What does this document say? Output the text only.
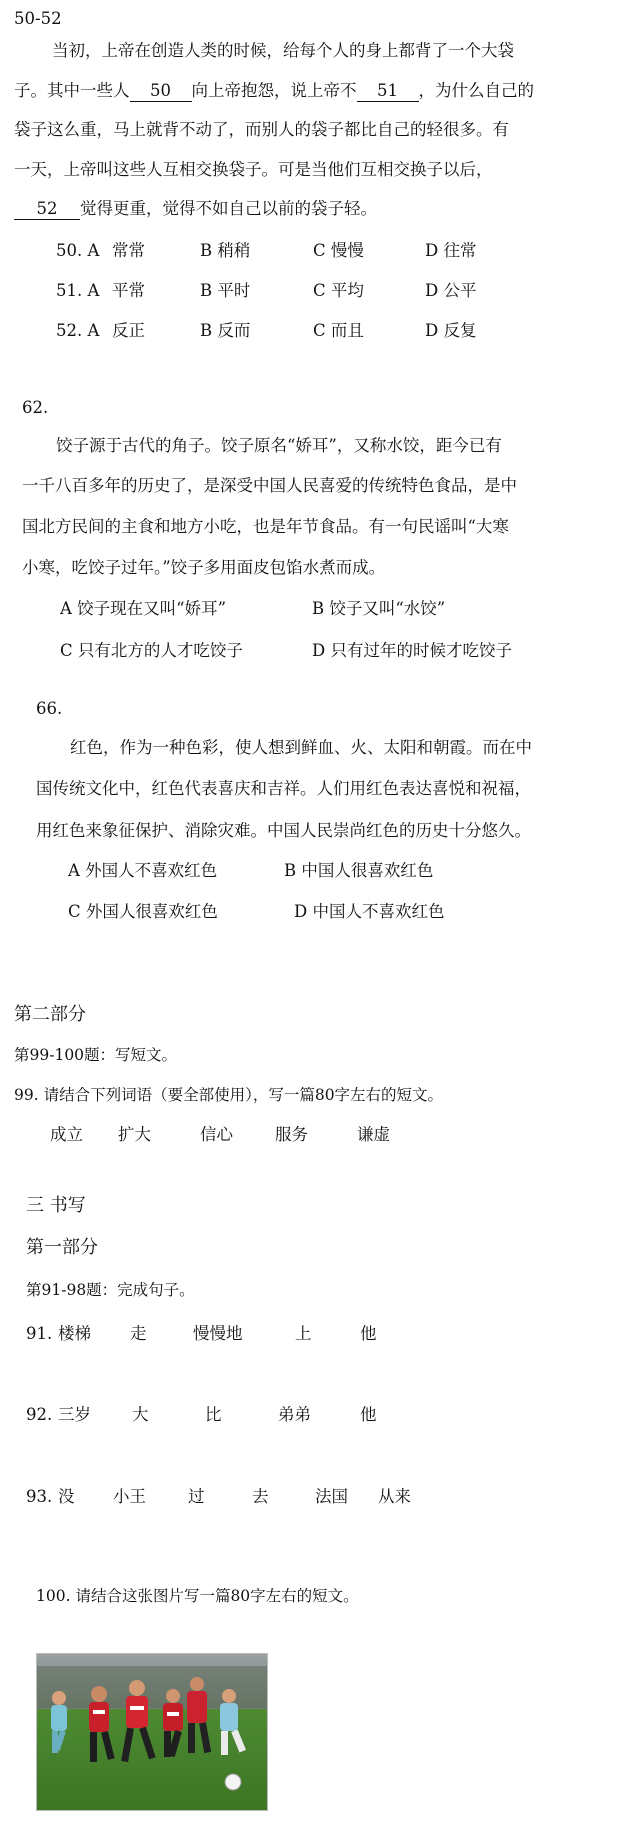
50-52
当初，上帝在创造人类的时候，给每个人的身上都背了一个大袋
子。其中一些人 50 向上帝抱怨，说上帝不 51 ，为什么自己的
袋子这么重，马上就背不动了，而别人的袋子都比自己的轻很多。有
一天，上帝叫这些人互相交换袋子。可是当他们互相交换子以后，
52 觉得更重，觉得不如自己以前的袋子轻。
50. A 常常	B 稍稍	C 慢慢	D 往常
51. A 平常	B 平时	C 平均	D 公平
52. A 反正	B 反而	C 而且	D 反复
62.
饺子源于古代的角子。饺子原名“娇耳”，又称水饺，距今已有
一千八百多年的历史了，是深受中国人民喜爱的传统特色食品，是中
国北方民间的主食和地方小吃，也是年节食品。有一句民谣叫“大寒
小寒，吃饺子过年。”饺子多用面皮包馅水煮而成。
A 饺子现在又叫“娇耳”	B 饺子又叫“水饺”
C 只有北方的人才吃饺子	D 只有过年的时候才吃饺子
66.
红色，作为一种色彩，使人想到鲜血、火、太阳和朝霞。而在中
国传统文化中，红色代表喜庆和吉祥。人们用红色表达喜悦和祝福，
用红色来象征保护、消除灾难。中国人民崇尚红色的历史十分悠久。
A 外国人不喜欢红色	B 中国人很喜欢红色
C 外国人很喜欢红色	D 中国人不喜欢红色
第二部分
第99-100题：写短文。
99. 请结合下列词语（要全部使用），写一篇80字左右的短文。
成立 扩大	信心	服务	谦虚
三 书写
第一部分
第91-98题：完成句子。
91. 楼梯 走	慢慢地	上	他
92. 三岁 大	比	弟弟	他
93. 没 小王	过	去	法国 从来
100. 请结合这张图片写一篇80字左右的短文。
